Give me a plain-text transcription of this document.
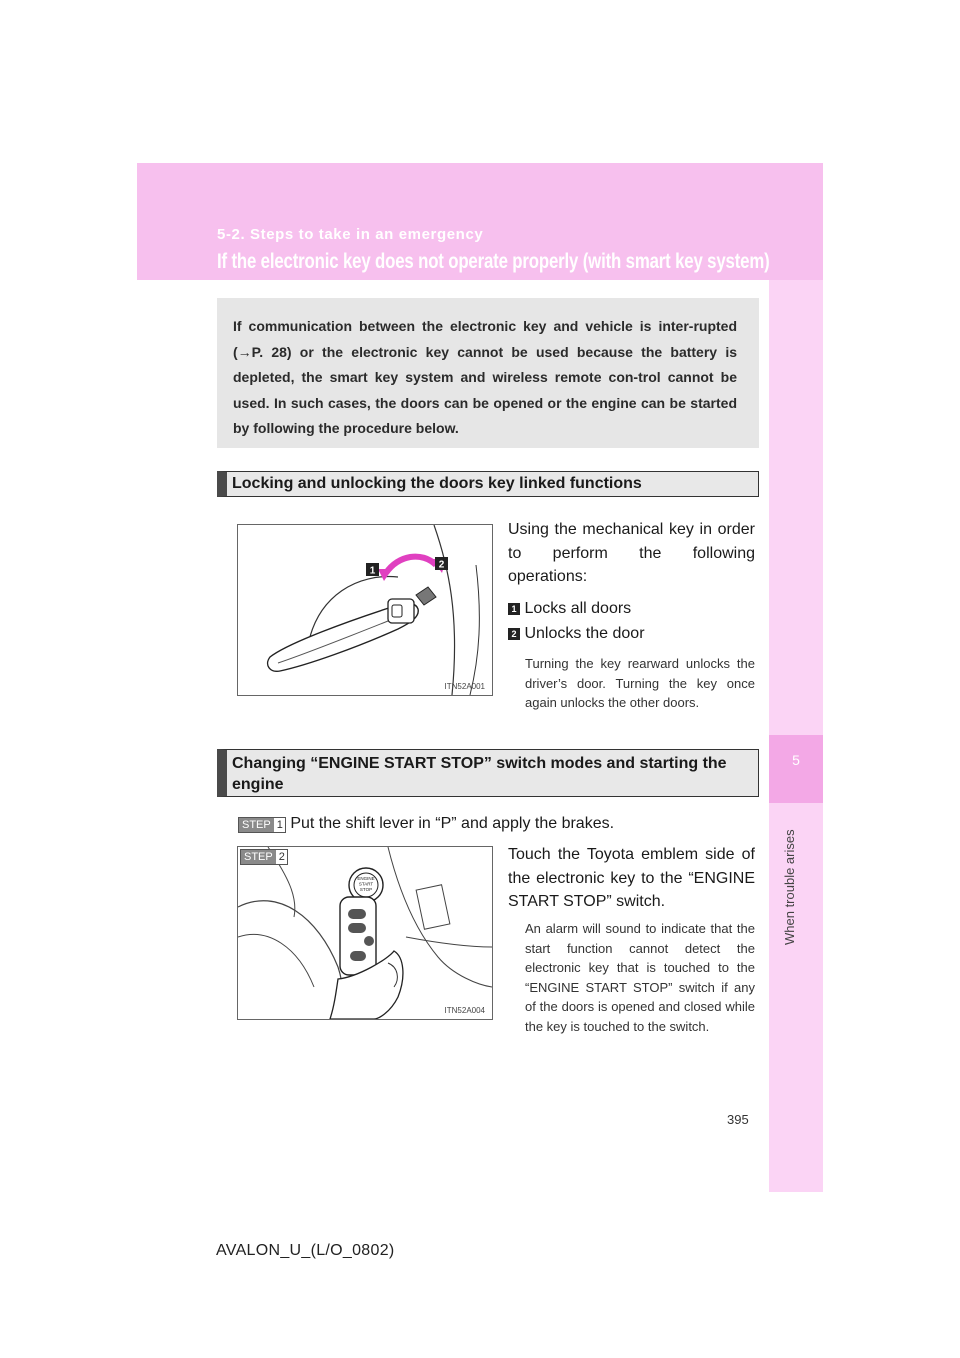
5-2. Steps to take in an emergency
If the electronic key does not operate properly (with smart key system)
5
When trouble arises
If communication between the electronic key and vehicle is inter-rupted (→P. 28) or the electronic key cannot be used because the battery is depleted, the smart key system and wireless remote con-trol cannot be used. In such cases, the doors can be opened or the engine can be started by following the procedure below.
Locking and unlocking the doors key linked functions
1
2
ITN52A001
Using the mechanical key in order to perform the following operations:
1 Locks all doors
2 Unlocks the door
Turning the key rearward unlocks the driver’s door. Turning the key once again unlocks the other doors.
Changing “ENGINE START STOP” switch modes and starting the engine
STEP 1 Put the shift lever in “P” and apply the brakes.
ENGINE
START
STOP
STEP 2
ITN52A004
Touch the Toyota emblem side of the electronic key to the “ENGINE START STOP” switch.
An alarm will sound to indicate that the start function cannot detect the electronic key that is touched to the “ENGINE START STOP” switch if any of the doors is opened and closed while the key is touched to the switch.
395
AVALON_U_(L/O_0802)
